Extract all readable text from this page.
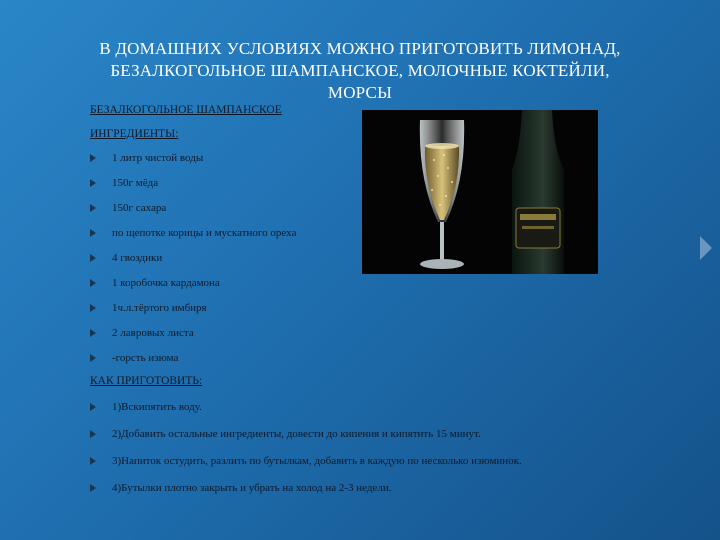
В ДОМАШНИХ УСЛОВИЯХ МОЖНО ПРИГОТОВИТЬ ЛИМОНАД, БЕЗАЛКОГОЛЬНОЕ ШАМПАНСКОЕ, МОЛОЧНЫЕ КОКТЕЙЛИ, МОРСЫ
БЕЗАЛКОГОЛЬНОЕ ШАМПАНСКОЕ
ИНГРЕДИЕНТЫ:
1 литр чистой воды
150г мёда
150г сахара
по щепотке корицы и мускатного ореха
4 гвоздики
1 коробочка кардамона
1ч.л.тёртого имбиря
2 лавровых листа
-горсть изюма
КАК ПРИГОТОВИТЬ:
1)Вскипятить воду.
2)Добавить остальные ингредиенты, довести до кипения и кипятить 15 минут.
3)Напиток остудить, разлить по бутылкам, добавить в каждую по несколько изюминок.
4)Бутылки плотно закрыть и убрать на холод на 2-3 недели.
